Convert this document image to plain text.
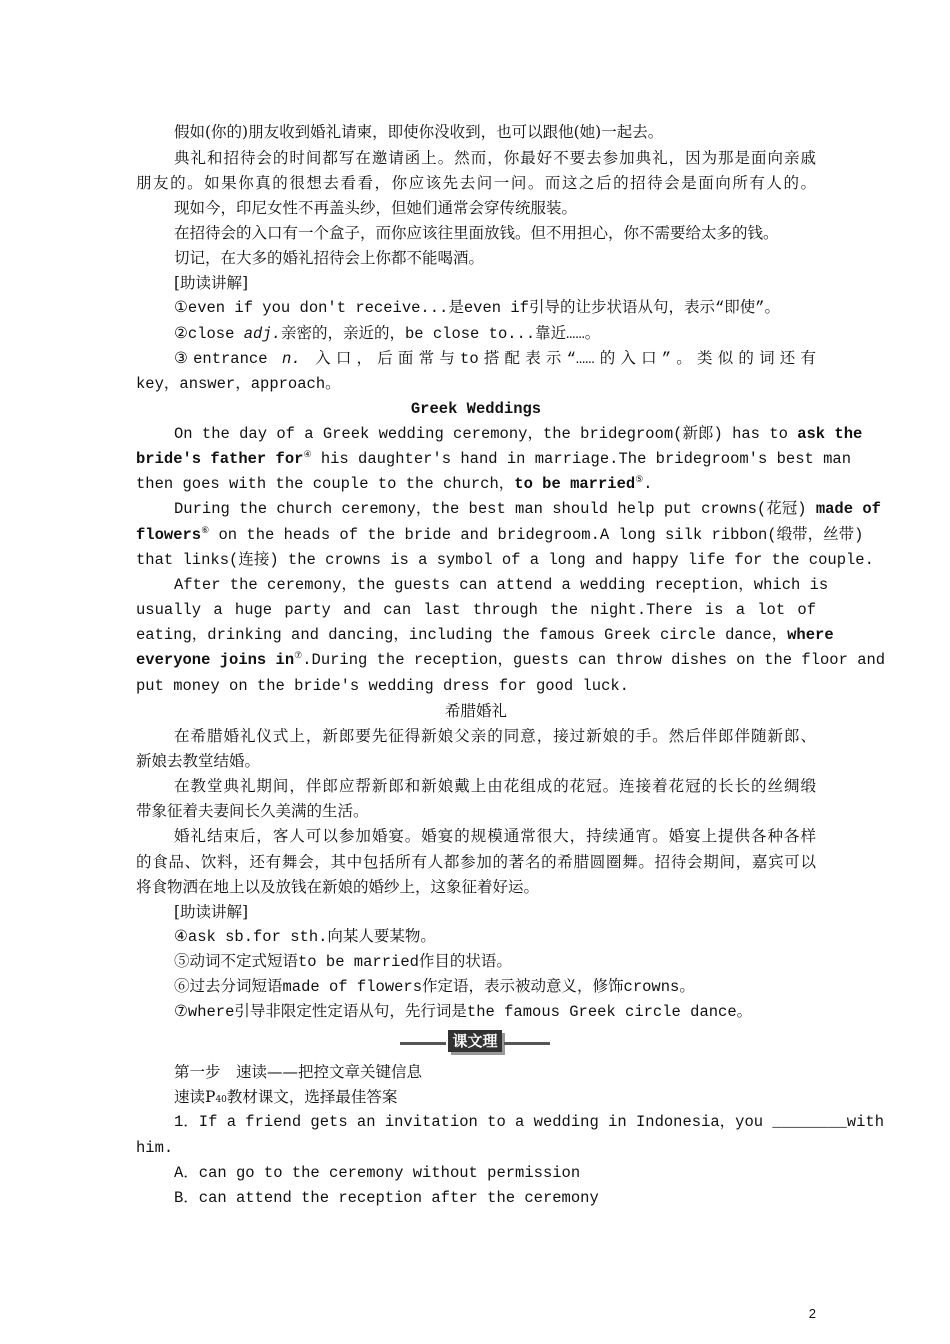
假如(你的)朋友收到婚礼请柬，即使你没收到，也可以跟他(她)一起去。
典礼和招待会的时间都写在邀请函上。然而，你最好不要去参加典礼，因为那是面向亲戚
朋友的。如果你真的很想去看看，你应该先去问一问。而这之后的招待会是面向所有人的。
现如今，印尼女性不再盖头纱，但她们通常会穿传统服装。
在招待会的入口有一个盒子，而你应该往里面放钱。但不用担心，你不需要给太多的钱。
切记，在大多的婚礼招待会上你都不能喝酒。
[助读讲解]
①even if you don't receive...是even if引导的让步状语从句，表示“即使”。
②close adj.亲密的，亲近的，be close to...靠近……。
③entrance n. 入口，后面常与to搭配表示“……的入口”。类似的词还有
key，answer，approach。
Greek Weddings
On the day of a Greek wedding ceremony，the bridegroom(新郎) has to ask the
bride's father for④ his daughter's hand in marriage.The bridegroom's best man
then goes with the couple to the church，to be married⑤.
During the church ceremony，the best man should help put crowns(花冠) made of
flowers⑥ on the heads of the bride and bridegroom.A long silk ribbon(缎带，丝带)
that links(连接) the crowns is a symbol of a long and happy life for the couple.
After the ceremony，the guests can attend a wedding reception，which is
usually a huge party and can last through the night.There is a lot of
eating，drinking and dancing，including the famous Greek circle dance，where
everyone joins in⑦.During the reception，guests can throw dishes on the floor and
put money on the bride's wedding dress for good luck.
希腊婚礼
在希腊婚礼仪式上，新郎要先征得新娘父亲的同意，接过新娘的手。然后伴郎伴随新郎、
新娘去教堂结婚。
在教堂典礼期间，伴郎应帮新郎和新娘戴上由花组成的花冠。连接着花冠的长长的丝绸缎
带象征着夫妻间长久美满的生活。
婚礼结束后，客人可以参加婚宴。婚宴的规模通常很大，持续通宵。婚宴上提供各种各样
的食品、饮料，还有舞会，其中包括所有人都参加的著名的希腊圆圈舞。招待会期间，嘉宾可以
将食物洒在地上以及放钱在新娘的婚纱上，这象征着好运。
[助读讲解]
④ask sb.for sth.向某人要某物。
⑤动词不定式短语to be married作目的状语。
⑥过去分词短语made of flowers作定语，表示被动意义，修饰crowns。
⑦where引导非限定性定语从句，先行词是the famous Greek circle dance。
课文理解
第一步　速读——把控文章关键信息
速读P40教材课文，选择最佳答案
1．If a friend gets an invitation to a wedding in Indonesia，you ________with
him.
A．can go to the ceremony without permission
B．can attend the reception after the ceremony
2
